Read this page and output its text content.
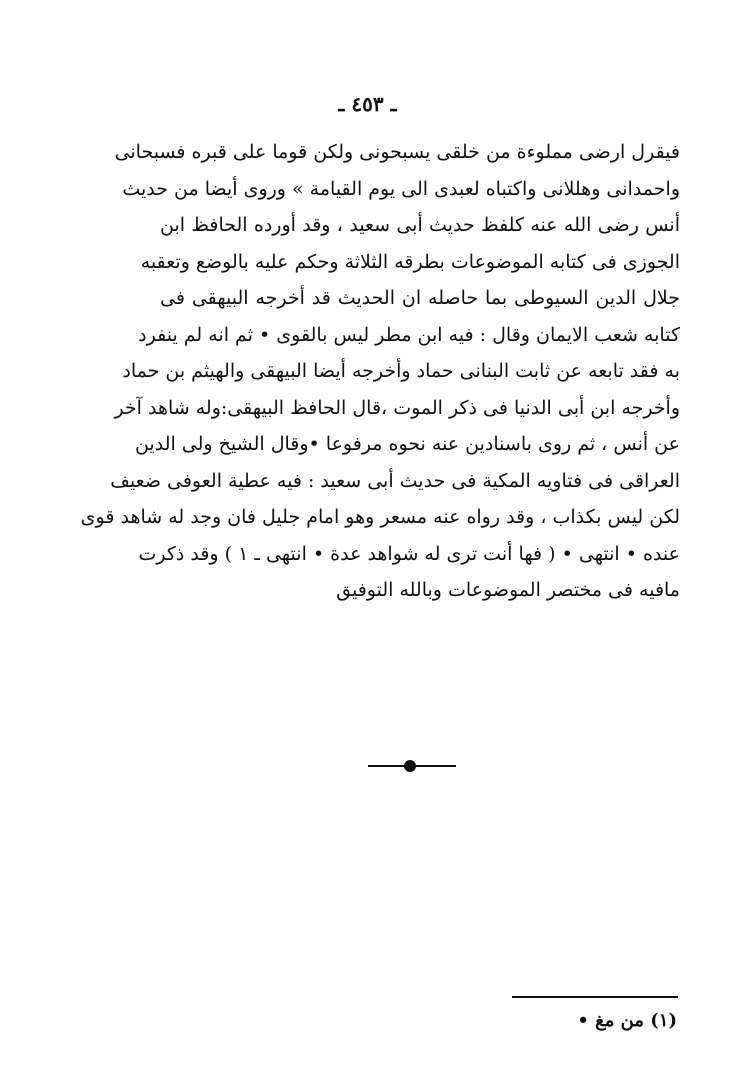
ـ ٤٥٣ ـ
فيقرل ارضى مملوءة من خلقى يسبحونى ولكن قوما على قبره فسبحانى
واحمدانى وهللانى واكتباه لعبدى الى يوم القيامة » وروى أيضا من حديث
أنس رضى الله عنه كلفظ حديث أبى سعيد ، وقد أورده الحافظ ابن
الجوزى فى كتابه الموضوعات بطرقه الثلاثة وحكم عليه بالوضع وتعقبه
جلال الدين السيوطى بما حاصله ان الحديث قد أخرجه البيهقى فى
كتابه شعب الايمان وقال : فيه ابن مطر ليس بالقوى • ثم انه لم ينفرد
به فقد تابعه عن ثابت البنانى حماد وأخرجه أيضا البيهقى والهيثم بن حماد
وأخرجه ابن أبى الدنيا فى ذكر الموت ،قال الحافظ البيهقى:وله شاهد آخر
عن أنس ، ثم روى باسنادين عنه نحوه مرفوعا •وقال الشيخ ولى الدين
العراقى فى فتاويه المكية فى حديث أبى سعيد : فيه عطية العوفى ضعيف
لكن ليس بكذاب ، وقد رواه عنه مسعر وهو امام جليل فان وجد له شاهد قوى
عنده • انتهى • ( فها أنت ترى له شواهد عدة • انتهى ـ ١ ) وقد ذكرت
مافيه فى مختصر الموضوعات وبالله التوفيق
(١) من مغ •
